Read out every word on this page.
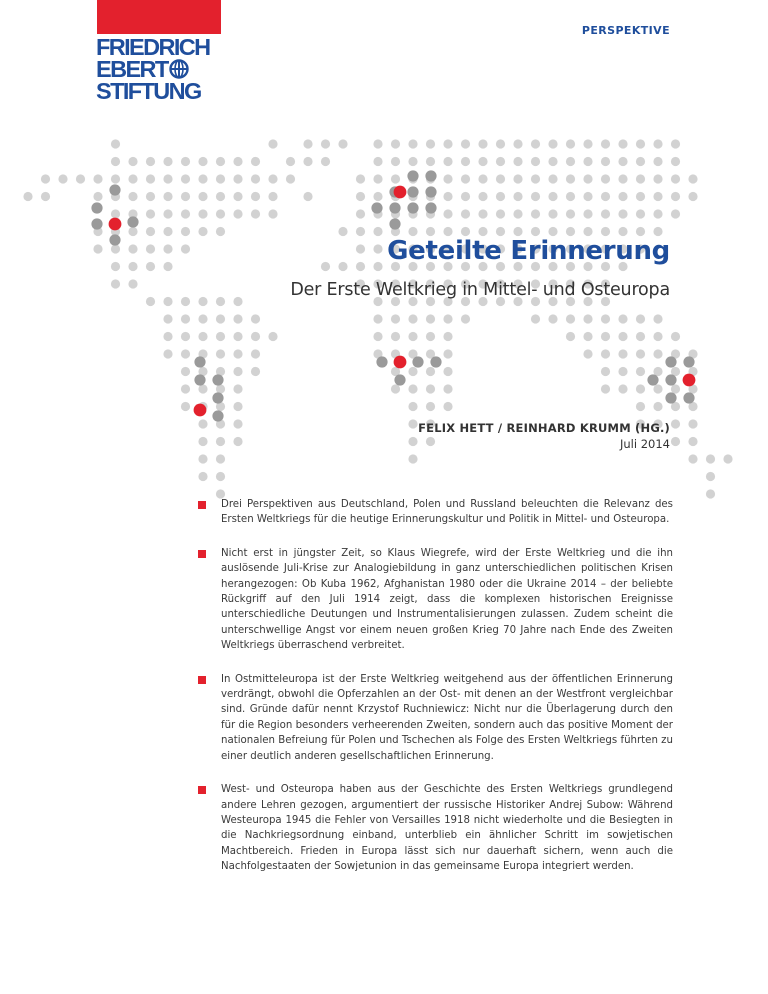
FRIEDRICH
EBERT
STIFTUNG
PERSPEKTIVE
Geteilte Erinnerung
Der Erste Weltkrieg in Mittel- und Osteuropa
FELIX HETT / REINHARD KRUMM (HG.)
Juli 2014
Drei Perspektiven aus Deutschland, Polen und Russland beleuchten die Relevanz des Ersten Weltkriegs für die heutige Erinnerungskultur und Politik in Mittel- und Osteuropa.
Nicht erst in jüngster Zeit, so Klaus Wiegrefe, wird der Erste Weltkrieg und die ihn auslösende Juli-Krise zur Analogiebildung in ganz unterschiedlichen politischen Krisen herangezogen: Ob Kuba 1962, Afghanistan 1980 oder die Ukraine 2014 – der beliebte Rückgriff auf den Juli 1914 zeigt, dass die komplexen historischen Ereignisse unterschiedliche Deutungen und Instrumentalisierungen zulassen. Zudem scheint die unterschwellige Angst vor einem neuen großen Krieg 70 Jahre nach Ende des Zweiten Weltkriegs überraschend verbreitet.
In Ostmitteleuropa ist der Erste Weltkrieg weitgehend aus der öffentlichen Erinnerung verdrängt, obwohl die Opferzahlen an der Ost- mit denen an der Westfront vergleichbar sind. Gründe dafür nennt Krzystof Ruchniewicz: Nicht nur die Überlagerung durch den für die Region besonders verheerenden Zweiten, sondern auch das positive Moment der nationalen Befreiung für Polen und Tschechen als Folge des Ersten Weltkriegs führten zu einer deutlich anderen gesellschaftlichen Erinnerung.
West- und Osteuropa haben aus der Geschichte des Ersten Weltkriegs grundlegend andere Lehren gezogen, argumentiert der russische Historiker Andrej Subow: Während Westeuropa 1945 die Fehler von Versailles 1918 nicht wiederholte und die Besiegten in die Nachkriegsordnung einband, unterblieb ein ähnlicher Schritt im sowjetischen Machtbereich. Frieden in Europa lässt sich nur dauerhaft sichern, wenn auch die Nachfolgestaaten der Sowjetunion in das gemeinsame Europa integriert werden.
